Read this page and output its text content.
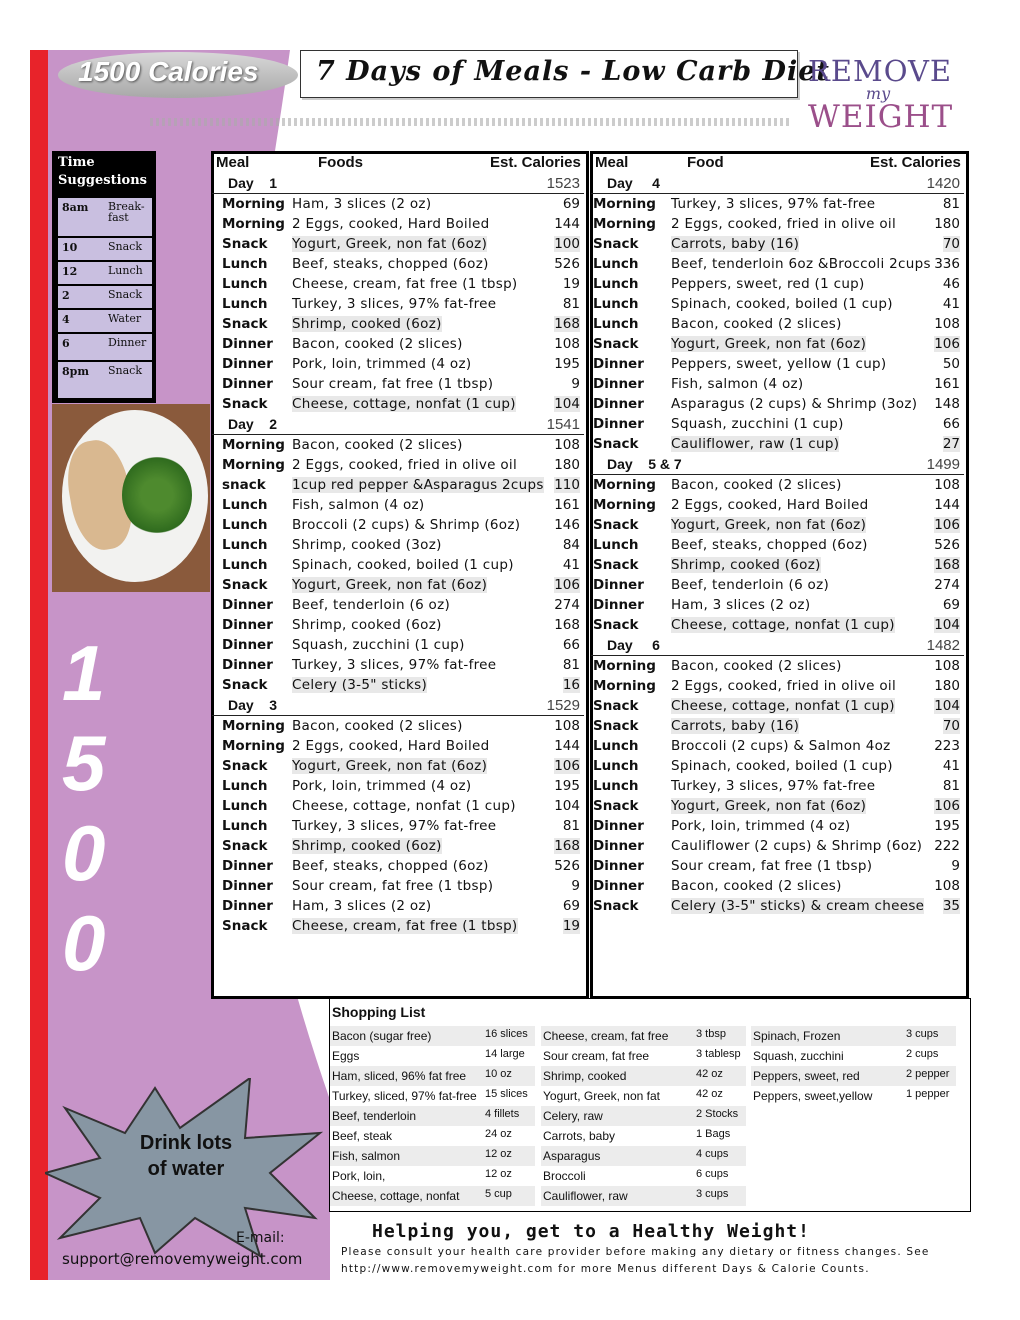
1500 Calories 7 Days of Meals - Low Carb Diet
REMOVE
my
WEIGHT
Time
Suggestions
8am Break-fast
10	Snack
12	Lunch
2	Snack
4	Water
6	Dinner
8pm Snack
1
5
0
0
Meal	Foods	Est. Calories
Day    1	1523
Morning Ham, 3 slices (2 oz)	69
Morning 2 Eggs, cooked, Hard Boiled	144
Snack Yogurt, Greek, non fat (6oz)	100
Lunch Beef, steaks, chopped (6oz)	526
Lunch Cheese, cream, fat free (1 tbsp)	19
Lunch Turkey, 3 slices, 97% fat-free	81
Snack Shrimp, cooked (6oz)	168
Dinner Bacon, cooked (2 slices)	108
Dinner Pork, loin, trimmed (4 oz)	195
Dinner Sour cream, fat free (1 tbsp)	9
Snack Cheese, cottage, nonfat (1 cup)	104
Day    2	1541
Morning Bacon, cooked (2 slices)	108
Morning 2 Eggs, cooked, fried in olive oil	180
snack 1cup red pepper &Asparagus 2cups 110
Lunch Fish, salmon (4 oz)	161
Lunch Broccoli (2 cups) & Shrimp (6oz)	146
Lunch Shrimp, cooked (3oz)	84
Lunch Spinach, cooked, boiled (1 cup)	41
Snack Yogurt, Greek, non fat (6oz)	106
Dinner Beef, tenderloin (6 oz)	274
Dinner Shrimp, cooked (6oz)	168
Dinner Squash, zucchini (1 cup)	66
Dinner Turkey, 3 slices, 97% fat-free	81
Snack Celery (3-5" sticks)	16
Day    3	1529
Morning Bacon, cooked (2 slices)	108
Morning 2 Eggs, cooked, Hard Boiled	144
Snack Yogurt, Greek, non fat (6oz)	106
Lunch Pork, loin, trimmed (4 oz)	195
Lunch Cheese, cottage, nonfat (1 cup)	104
Lunch Turkey, 3 slices, 97% fat-free	81
Snack Shrimp, cooked (6oz)	168
Dinner Beef, steaks, chopped (6oz)	526
Dinner Sour cream, fat free (1 tbsp)	9
Dinner Ham, 3 slices (2 oz)	69
Snack Cheese, cream, fat free (1 tbsp)	19
Meal	Food	Est. Calories
Day     4	1420
Morning Turkey, 3 slices, 97% fat-free	81
Morning 2 Eggs, cooked, fried in olive oil	180
Snack Carrots, baby (16)	70
Lunch Beef, tenderloin 6oz &Broccoli 2cups 336
Lunch Peppers, sweet, red (1 cup)	46
Lunch Spinach, cooked, boiled (1 cup)	41
Lunch Bacon, cooked (2 slices)	108
Snack Yogurt, Greek, non fat (6oz)	106
Dinner Peppers, sweet, yellow (1 cup)	50
Dinner Fish, salmon (4 oz)	161
Dinner Asparagus (2 cups) & Shrimp (3oz) 148
Dinner Squash, zucchini (1 cup)	66
Snack Cauliflower, raw (1 cup)	27
Day    5 & 7	1499
Morning Bacon, cooked (2 slices)	108
Morning 2 Eggs, cooked, Hard Boiled	144
Snack Yogurt, Greek, non fat (6oz)	106
Lunch Beef, steaks, chopped (6oz)	526
Snack Shrimp, cooked (6oz)	168
Dinner Beef, tenderloin (6 oz)	274
Dinner Ham, 3 slices (2 oz)	69
Snack Cheese, cottage, nonfat (1 cup)	104
Day     6	1482
Morning Bacon, cooked (2 slices)	108
Morning 2 Eggs, cooked, fried in olive oil	180
Snack Cheese, cottage, nonfat (1 cup)	104
Snack Carrots, baby (16)	70
Lunch Broccoli (2 cups) & Salmon 4oz	223
Lunch Spinach, cooked, boiled (1 cup)	41
Lunch Turkey, 3 slices, 97% fat-free	81
Snack Yogurt, Greek, non fat (6oz)	106
Dinner Pork, loin, trimmed (4 oz)	195
Dinner Cauliflower (2 cups) & Shrimp (6oz) 222
Dinner Sour cream, fat free (1 tbsp)	9
Dinner Bacon, cooked (2 slices)	108
Snack Celery (3-5" sticks) & cream cheese 35
Drink lots
of water
E-mail:
support@removemyweight.com
Shopping List
Bacon (sugar free)	16 slices
Eggs	14 large
Ham, sliced, 96% fat free 10 oz
Turkey, sliced, 97% fat-free 15 slices
Beef, tenderloin	4 fillets
Beef, steak	24 oz
Fish, salmon	12 oz
Pork, loin,	12 oz
Cheese, cottage, nonfat 5 cup
Cheese, cream, fat free	3 tbsp
Sour cream, fat free	3 tablesp
Shrimp, cooked	42 oz
Yogurt, Greek, non fat	42 oz
Celery, raw	2 Stocks
Carrots, baby	1 Bags
Asparagus	4 cups
Broccoli	6 cups
Cauliflower, raw	3 cups
Spinach, Frozen	3 cups
Squash, zucchini	2 cups
Peppers, sweet, red	2 pepper
Peppers, sweet,yellow	1 pepper
Helping you, get to a Healthy Weight!
Please consult your health care provider before making any dietary or fitness changes. See
http://www.removemyweight.com for more Menus different Days & Calorie Counts.
